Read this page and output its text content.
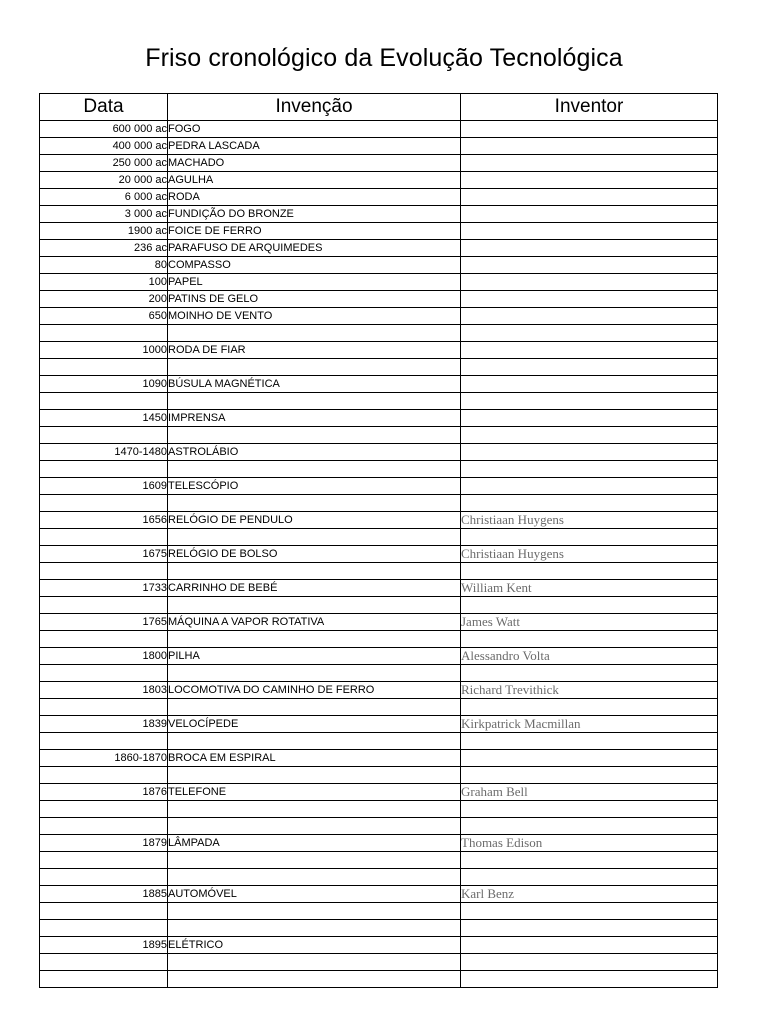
Friso cronológico da Evolução Tecnológica
Data	Invenção	Inventor
600 000 ac	FOGO	
400 000 ac	PEDRA LASCADA	
250 000 ac	MACHADO	
20 000 ac	AGULHA	
6 000 ac	RODA	
3 000 ac	FUNDIÇÃO DO BRONZE	
1900 ac	FOICE DE FERRO	
236 ac	PARAFUSO DE ARQUIMEDES	
80	COMPASSO	
100	PAPEL	
200	PATINS DE GELO	
650	MOINHO DE VENTO	

1000	RODA DE FIAR	

1090	BÚSULA MAGNÉTICA	

1450	IMPRENSA	

1470-1480	ASTROLÁBIO	

1609	TELESCÓPIO	

1656	RELÓGIO DE PENDULO	Christiaan Huygens

1675	RELÓGIO DE BOLSO	Christiaan Huygens

1733	CARRINHO DE BEBÉ	William Kent

1765	MÁQUINA A VAPOR ROTATIVA	James Watt

1800	PILHA	Alessandro Volta

1803	LOCOMOTIVA DO CAMINHO DE FERRO	Richard Trevithick

1839	VELOCÍPEDE	Kirkpatrick Macmillan

1860-1870	BROCA EM ESPIRAL	

1876	TELEFONE	Graham Bell

1879	LÂMPADA	Thomas Edison

1885	AUTOMÓVEL	Karl Benz

1895	ELÉTRICO	
